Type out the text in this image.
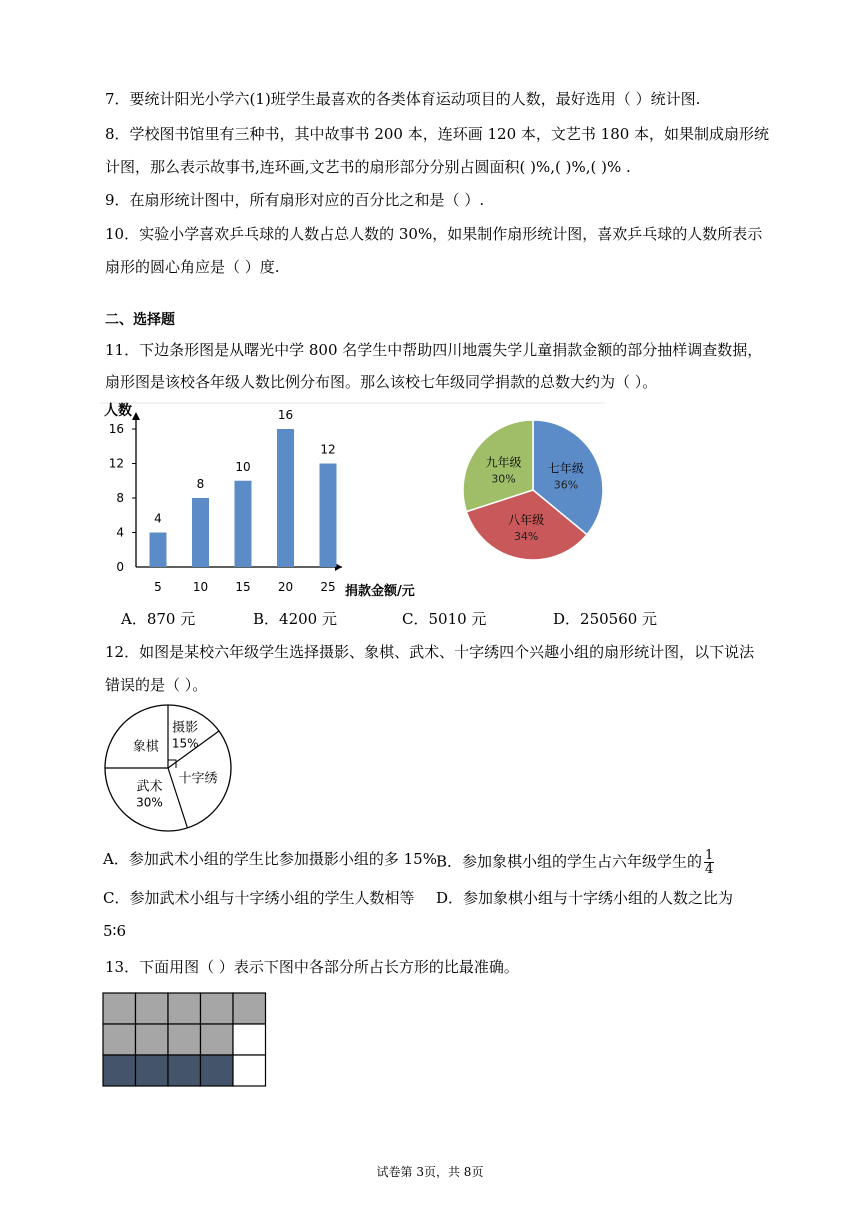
7．要统计阳光小学六(1)班学生最喜欢的各类体育运动项目的人数，最好选用（ ）统计图.
8．学校图书馆里有三种书，其中故事书 200 本，连环画 120 本，文艺书 180 本，如果制成扇形统
计图，那么表示故事书,连环画,文艺书的扇形部分分别占圆面积( )%,( )%,( )% .
9．在扇形统计图中，所有扇形对应的百分比之和是（ ）.
10．实验小学喜欢乒乓球的人数占总人数的 30%，如果制作扇形统计图，喜欢乒乓球的人数所表示
扇形的圆心角应是（ ）度.
二、选择题
11．下边条形图是从曙光中学 800 名学生中帮助四川地震失学儿童捐款金额的部分抽样调查数据，
扇形图是该校各年级人数比例分布图。那么该校七年级同学捐款的总数大约为（ ）。
人数
捐款金额/元
16
12
8
4
0
4
5
8
10
10
15
16
20
12
25
七年级
36%
八年级
34%
九年级
30%
A．870 元	B．4200 元	C．5010 元	D．250560 元
12．如图是某校六年级学生选择摄影、象棋、武术、十字绣四个兴趣小组的扇形统计图，以下说法
错误的是（ ）。
摄影
15%
十字绣
武术
30%
象棋
A．参加武术小组的学生比参加摄影小组的多 15% B．参加象棋小组的学生占六年级学生的 $\frac{1}{4}$
C．参加武术小组与十字绣小组的学生人数相等 D．参加象棋小组与十字绣小组的人数之比为
5∶6
13．下面用图（ ）表示下图中各部分所占长方形的比最准确。
试卷第 3页，共 8页
